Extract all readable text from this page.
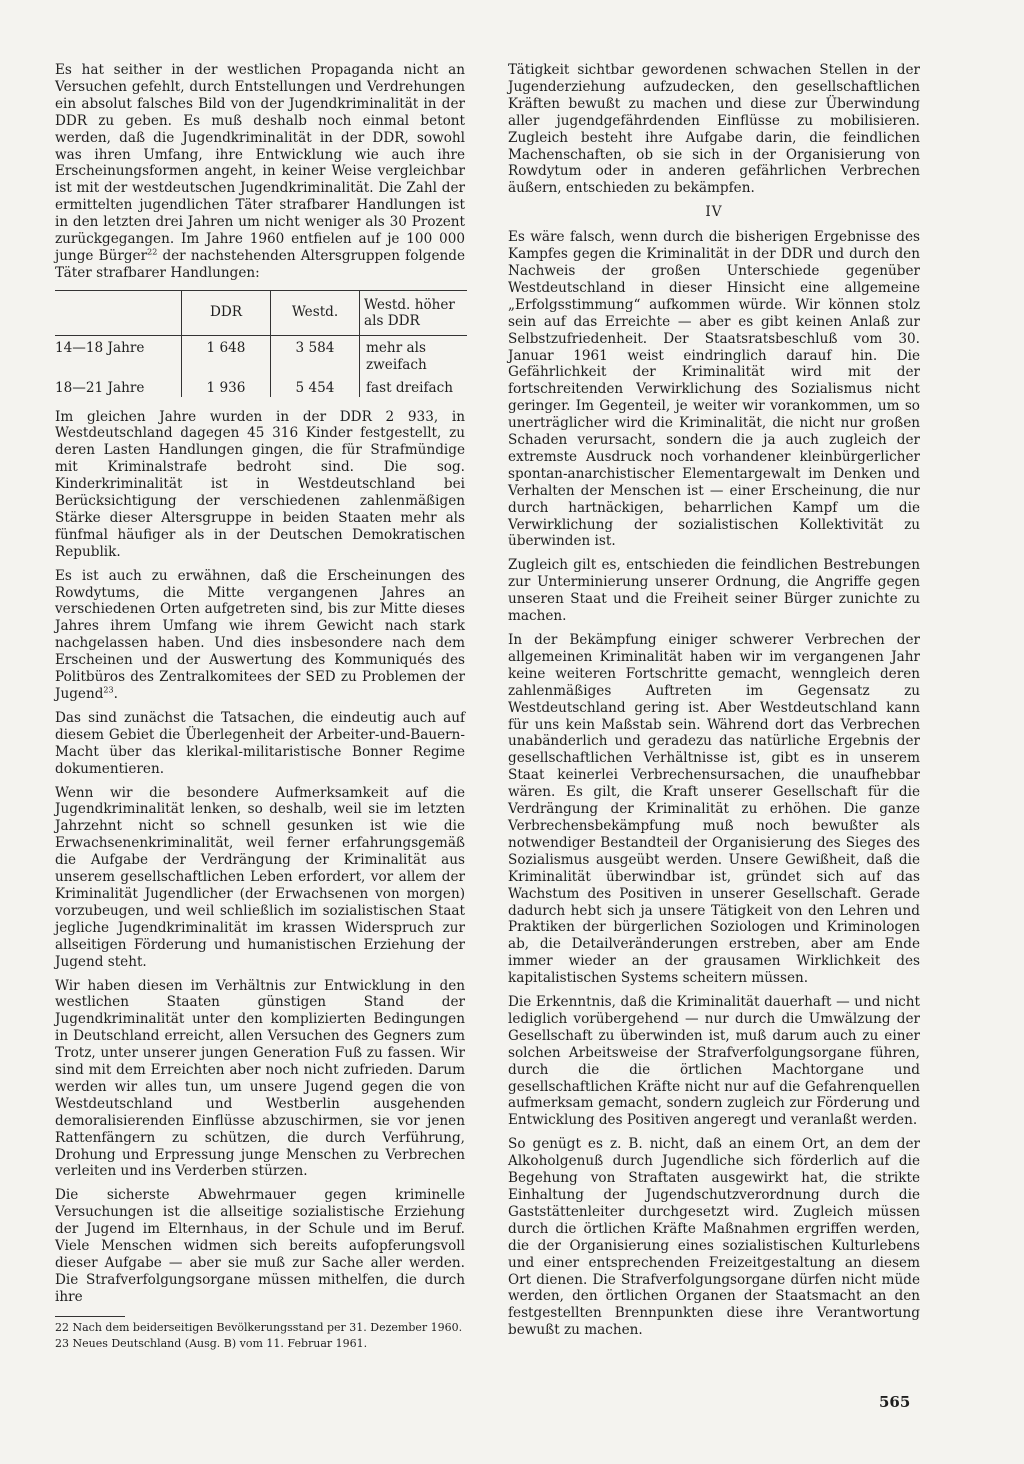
Es hat seither in der westlichen Propaganda nicht an Versuchen gefehlt, durch Entstellungen und Verdrehungen ein absolut falsches Bild von der Jugendkriminalität in der DDR zu geben. Es muß deshalb noch einmal betont werden, daß die Jugendkriminalität in der DDR, sowohl was ihren Umfang, ihre Entwicklung wie auch ihre Erscheinungsformen angeht, in keiner Weise vergleichbar ist mit der westdeutschen Jugendkriminalität. Die Zahl der ermittelten jugendlichen Täter strafbarer Handlungen ist in den letzten drei Jahren um nicht weniger als 30 Prozent zurückgegangen. Im Jahre 1960 entfielen auf je 100 000 junge Bürger$^{22}$ der nachstehenden Altersgruppen folgende Täter strafbarer Handlungen:

	DDR	Westd.	Westd. höher als DDR
14—18 Jahre	1 648	3 584	mehr als
			zweifach
18—21 Jahre	1 936	5 454	fast dreifach

Im gleichen Jahre wurden in der DDR 2 933, in Westdeutschland dagegen 45 316 Kinder festgestellt, zu deren Lasten Handlungen gingen, die für Strafmündige mit Kriminalstrafe bedroht sind. Die sog. Kinderkriminalität ist in Westdeutschland bei Berücksichtigung der verschiedenen zahlenmäßigen Stärke dieser Altersgruppe in beiden Staaten mehr als fünfmal häufiger als in der Deutschen Demokratischen Republik.

Es ist auch zu erwähnen, daß die Erscheinungen des Rowdytums, die Mitte vergangenen Jahres an verschiedenen Orten aufgetreten sind, bis zur Mitte dieses Jahres ihrem Umfang wie ihrem Gewicht nach stark nachgelassen haben. Und dies insbesondere nach dem Erscheinen und der Auswertung des Kommuniqués des Politbüros des Zentralkomitees der SED zu Problemen der Jugend$^{23}$.

Das sind zunächst die Tatsachen, die eindeutig auch auf diesem Gebiet die Überlegenheit der Arbeiter-und-Bauern-Macht über das klerikal-militaristische Bonner Regime dokumentieren.

Wenn wir die besondere Aufmerksamkeit auf die Jugendkriminalität lenken, so deshalb, weil sie im letzten Jahrzehnt nicht so schnell gesunken ist wie die Erwachsenenkriminalität, weil ferner erfahrungsgemäß die Aufgabe der Verdrängung der Kriminalität aus unserem gesellschaftlichen Leben erfordert, vor allem der Kriminalität Jugendlicher (der Erwachsenen von morgen) vorzubeugen, und weil schließlich im sozialistischen Staat jegliche Jugendkriminalität im krassen Widerspruch zur allseitigen Förderung und humanistischen Erziehung der Jugend steht.

Wir haben diesen im Verhältnis zur Entwicklung in den westlichen Staaten günstigen Stand der Jugendkriminalität unter den komplizierten Bedingungen in Deutschland erreicht, allen Versuchen des Gegners zum Trotz, unter unserer jungen Generation Fuß zu fassen. Wir sind mit dem Erreichten aber noch nicht zufrieden. Darum werden wir alles tun, um unsere Jugend gegen die von Westdeutschland und Westberlin ausgehenden demoralisierenden Einflüsse abzuschirmen, sie vor jenen Rattenfängern zu schützen, die durch Verführung, Drohung und Erpressung junge Menschen zu Verbrechen verleiten und ins Verderben stürzen.

Die sicherste Abwehrmauer gegen kriminelle Versuchungen ist die allseitige sozialistische Erziehung der Jugend im Elternhaus, in der Schule und im Beruf. Viele Menschen widmen sich bereits aufopferungsvoll dieser Aufgabe — aber sie muß zur Sache aller werden. Die Strafverfolgungsorgane müssen mithelfen, die durch ihre

22 Nach dem beiderseitigen Bevölkerungsstand per 31. Dezember 1960.

23 Neues Deutschland (Ausg. B) vom 11. Februar 1961.

Tätigkeit sichtbar gewordenen schwachen Stellen in der Jugenderziehung aufzudecken, den gesellschaftlichen Kräften bewußt zu machen und diese zur Überwindung aller jugendgefährdenden Einflüsse zu mobilisieren. Zugleich besteht ihre Aufgabe darin, die feindlichen Machenschaften, ob sie sich in der Organisierung von Rowdytum oder in anderen gefährlichen Verbrechen äußern, entschieden zu bekämpfen.

IV

Es wäre falsch, wenn durch die bisherigen Ergebnisse des Kampfes gegen die Kriminalität in der DDR und durch den Nachweis der großen Unterschiede gegenüber Westdeutschland in dieser Hinsicht eine allgemeine „Erfolgsstimmung“ aufkommen würde. Wir können stolz sein auf das Erreichte — aber es gibt keinen Anlaß zur Selbstzufriedenheit. Der Staatsratsbeschluß vom 30. Januar 1961 weist eindringlich darauf hin. Die Gefährlichkeit der Kriminalität wird mit der fortschreitenden Verwirklichung des Sozialismus nicht geringer. Im Gegenteil, je weiter wir vorankommen, um so unerträglicher wird die Kriminalität, die nicht nur großen Schaden verursacht, sondern die ja auch zugleich der extremste Ausdruck noch vorhandener kleinbürgerlicher spontan-anarchistischer Elementargewalt im Denken und Verhalten der Menschen ist — einer Erscheinung, die nur durch hartnäckigen, beharrlichen Kampf um die Verwirklichung der sozialistischen Kollektivität zu überwinden ist.

Zugleich gilt es, entschieden die feindlichen Bestrebungen zur Unterminierung unserer Ordnung, die Angriffe gegen unseren Staat und die Freiheit seiner Bürger zunichte zu machen.

In der Bekämpfung einiger schwerer Verbrechen der allgemeinen Kriminalität haben wir im vergangenen Jahr keine weiteren Fortschritte gemacht, wenngleich deren zahlenmäßiges Auftreten im Gegensatz zu Westdeutschland gering ist. Aber Westdeutschland kann für uns kein Maßstab sein. Während dort das Verbrechen unabänderlich und geradezu das natürliche Ergebnis der gesellschaftlichen Verhältnisse ist, gibt es in unserem Staat keinerlei Verbrechensursachen, die unaufhebbar wären. Es gilt, die Kraft unserer Gesellschaft für die Verdrängung der Kriminalität zu erhöhen. Die ganze Verbrechensbekämpfung muß noch bewußter als notwendiger Bestandteil der Organisierung des Sieges des Sozialismus ausgeübt werden. Unsere Gewißheit, daß die Kriminalität überwindbar ist, gründet sich auf das Wachstum des Positiven in unserer Gesellschaft. Gerade dadurch hebt sich ja unsere Tätigkeit von den Lehren und Praktiken der bürgerlichen Soziologen und Kriminologen ab, die Detailveränderungen erstreben, aber am Ende immer wieder an der grausamen Wirklichkeit des kapitalistischen Systems scheitern müssen.

Die Erkenntnis, daß die Kriminalität dauerhaft — und nicht lediglich vorübergehend — nur durch die Umwälzung der Gesellschaft zu überwinden ist, muß darum auch zu einer solchen Arbeitsweise der Strafverfolgungsorgane führen, durch die die örtlichen Machtorgane und gesellschaftlichen Kräfte nicht nur auf die Gefahrenquellen aufmerksam gemacht, sondern zugleich zur Förderung und Entwicklung des Positiven angeregt und veranlaßt werden.

So genügt es z. B. nicht, daß an einem Ort, an dem der Alkoholgenuß durch Jugendliche sich förderlich auf die Begehung von Straftaten ausgewirkt hat, die strikte Einhaltung der Jugendschutzverordnung durch die Gaststättenleiter durchgesetzt wird. Zugleich müssen durch die örtlichen Kräfte Maßnahmen ergriffen werden, die der Organisierung eines sozialistischen Kulturlebens und einer entsprechenden Freizeitgestaltung an diesem Ort dienen. Die Strafverfolgungsorgane dürfen nicht müde werden, den örtlichen Organen der Staatsmacht an den festgestellten Brennpunkten diese ihre Verantwortung bewußt zu machen.

565
